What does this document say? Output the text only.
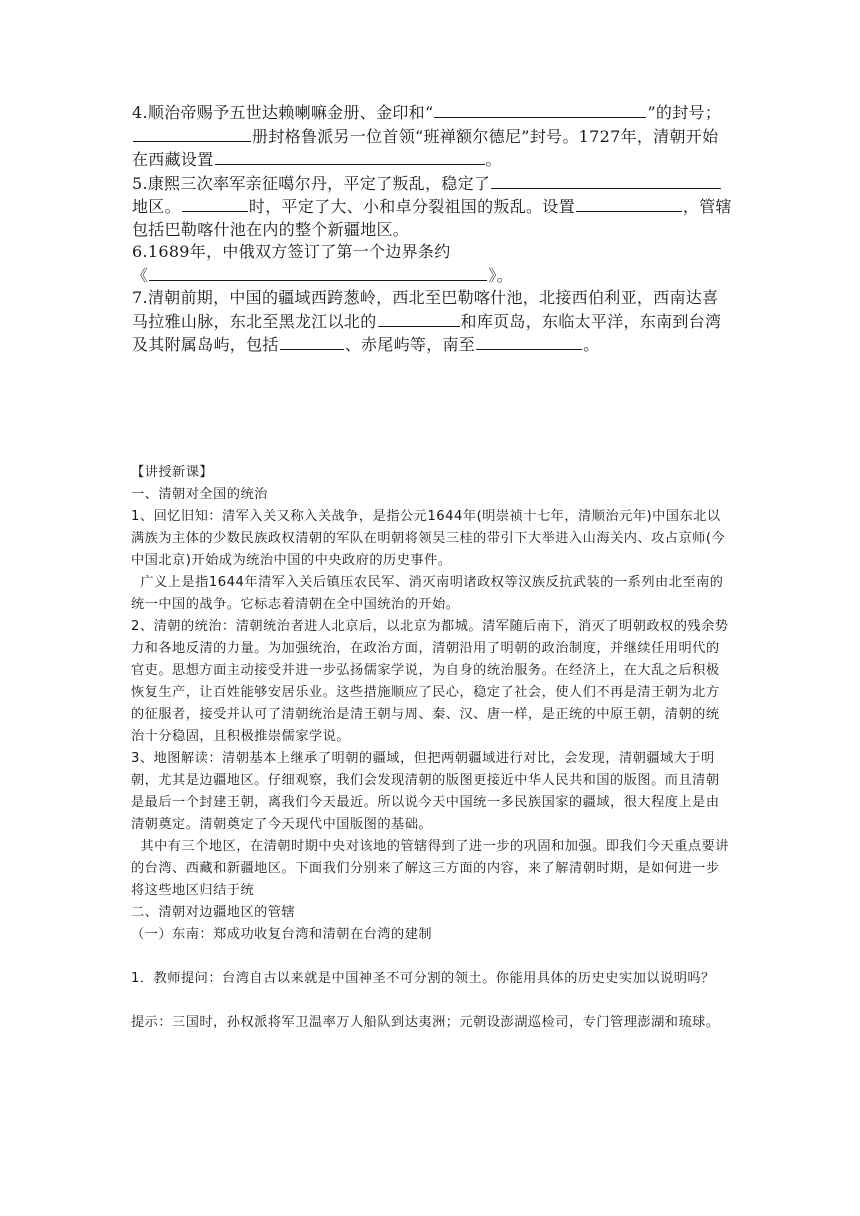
4.顺治帝赐予五世达赖喇嘛金册、金印和“	”的封号；册封格鲁派另一位首领“班禅额尔德尼”封号。1727年，清朝开始在西藏设置	。

5.康熙三次率军亲征噶尔丹，平定了叛乱，稳定了地区。	时，平定了大、小和卓分裂祖国的叛乱。设置	，管辖包括巴勒喀什池在内的整个新疆地区。

6.1689年，中俄双方签订了第一个边界条约
《	》。

7.清朝前期，中国的疆域西跨葱岭，西北至巴勒喀什池，北接西伯利亚，西南达喜马拉雅山脉，东北至黑龙江以北的	和库页岛，东临太平洋，东南到台湾及其附属岛屿，包括	、赤尾屿等，南至	。

【讲授新课】

一、清朝对全国的统治

1、回忆旧知：清军入关又称入关战争，是指公元1644年(明崇祯十七年，清顺治元年)中国东北以满族为主体的少数民族政权清朝的军队在明朝将领吴三桂的带引下大举进入山海关内、攻占京师(今中国北京)开始成为统治中国的中央政府的历史事件。

广义上是指1644年清军入关后镇压农民军、消灭南明诸政权等汉族反抗武装的一系列由北至南的统一中国的战争。它标志着清朝在全中国统治的开始。

2、清朝的统治：清朝统治者进人北京后，以北京为都城。清军随后南下，消灭了明朝政权的残余势力和各地反清的力量。为加强统治，在政治方面，清朝沿用了明朝的政治制度，并继续任用明代的官吏。思想方面主动接受并进一步弘扬儒家学说，为自身的统治服务。在经济上，在大乱之后积极恢复生产，让百姓能够安居乐业。这些措施顺应了民心，稳定了社会，使人们不再是清王朝为北方的征服者，接受并认可了清朝统治是清王朝与周、秦、汉、唐一样，是正统的中原王朝，清朝的统治十分稳固，且积极推崇儒家学说。

3、地图解读：清朝基本上继承了明朝的疆域，但把两朝疆域进行对比，会发现，清朝疆域大于明朝，尤其是边疆地区。仔细观察，我们会发现清朝的版图更接近中华人民共和国的版图。而且清朝是最后一个封建王朝，离我们今天最近。所以说今天中国统一多民族国家的疆域，很大程度上是由清朝奠定。清朝奠定了今天现代中国版图的基础。

其中有三个地区，在清朝时期中央对该地的管辖得到了进一步的巩固和加强。即我们今天重点要讲的台湾、西藏和新疆地区。下面我们分别来了解这三方面的内容，来了解清朝时期，是如何进一步将这些地区归结于统

二、清朝对边疆地区的管辖

（一）东南：郑成功收复台湾和清朝在台湾的建制

1．教师提问：台湾自古以来就是中国神圣不可分割的领土。你能用具体的历史史实加以说明吗？

提示：三国时，孙权派将军卫温率万人船队到达夷洲；元朝设澎湖巡检司，专门管理澎湖和琉球。
